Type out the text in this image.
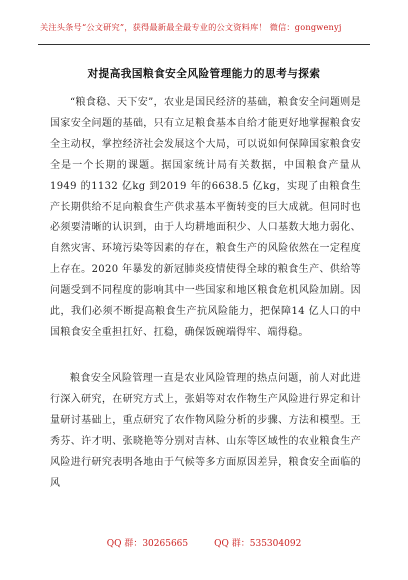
关注头条号“公文研究”，获得最新最全最专业的公文资料库！ 微信：gongwenyj
对提高我国粮食安全风险管理能力的思考与探索

“粮食稳、天下安”，农业是国民经济的基础，粮食安全问题则是国家安全问题的基础，只有立足粮食基本自给才能更好地掌握粮食安全主动权，掌控经济社会发展这个大局，可以说如何保障国家粮食安全是一个长期的课题。据国家统计局有关数据，中国粮食产量从1949 的1132 亿kg 到2019 年的6638.5 亿kg，实现了由粮食生产长期供给不足向粮食生产供求基本平衡转变的巨大成就。但同时也必须要清晰的认识到，由于人均耕地面积少、人口基数大地力弱化、自然灾害、环境污染等因素的存在，粮食生产的风险依然在一定程度上存在。2020 年暴发的新冠肺炎疫情使得全球的粮食生产、供给等问题受到不同程度的影响其中一些国家和地区粮食危机风险加剧。因此，我们必须不断提高粮食生产抗风险能力，把保障14 亿人口的中国粮食安全重担扛好、扛稳，确保饭碗端得牢、端得稳。

粮食安全风险管理一直是农业风险管理的热点问题，前人对此进行深入研究，在研究方式上，张娟等对农作物生产风险进行界定和计量研讨基础上，重点研究了农作物风险分析的步骤、方法和模型。王秀芬、许才明、张晓艳等分别对吉林、山东等区域性的农业粮食生产风险进行研究表明各地由于气候等多方面原因差异，粮食安全面临的风

QQ 群：30265665	QQ 群：535304092
